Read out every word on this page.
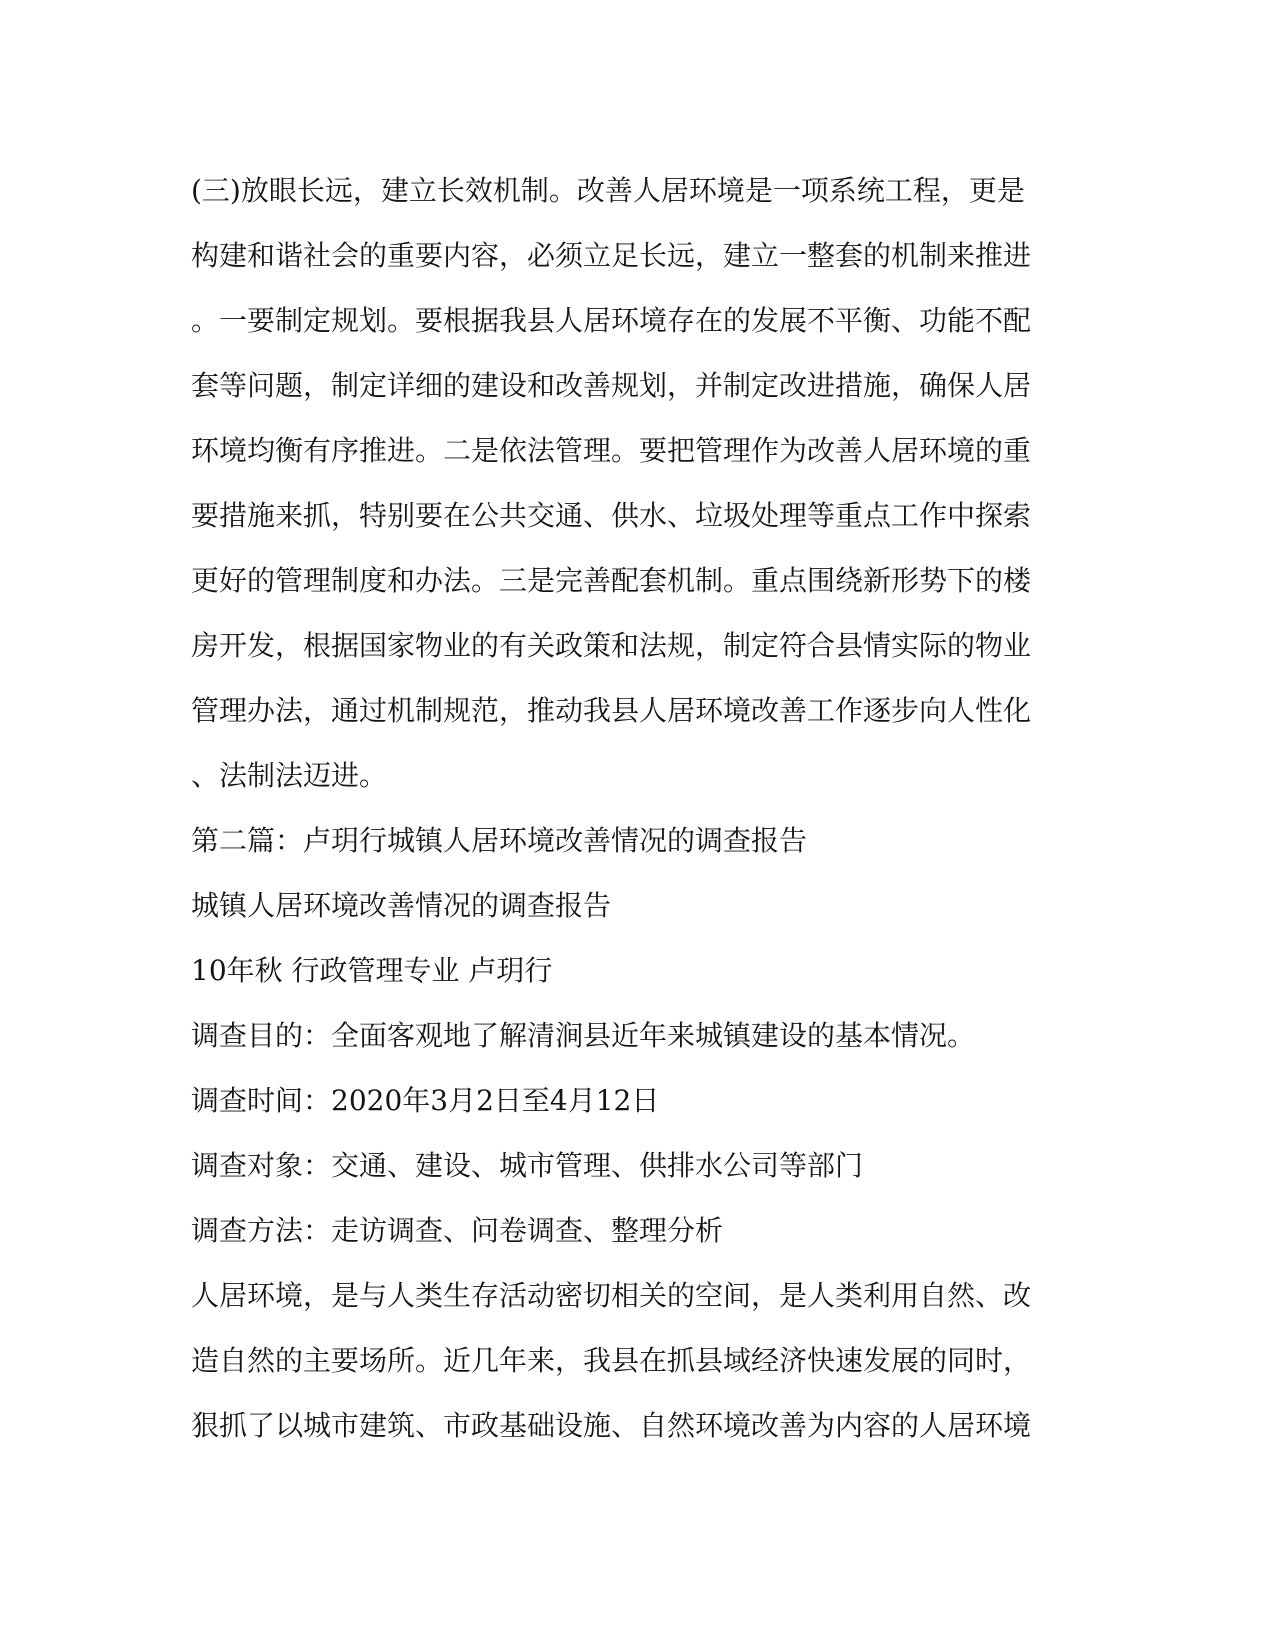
(三)放眼长远，建立长效机制。改善人居环境是一项系统工程，更是
构建和谐社会的重要内容，必须立足长远，建立一整套的机制来推进
。一要制定规划。要根据我县人居环境存在的发展不平衡、功能不配
套等问题，制定详细的建设和改善规划，并制定改进措施，确保人居
环境均衡有序推进。二是依法管理。要把管理作为改善人居环境的重
要措施来抓，特别要在公共交通、供水、垃圾处理等重点工作中探索
更好的管理制度和办法。三是完善配套机制。重点围绕新形势下的楼
房开发，根据国家物业的有关政策和法规，制定符合县情实际的物业
管理办法，通过机制规范，推动我县人居环境改善工作逐步向人性化
、法制法迈进。
第二篇：卢玥行城镇人居环境改善情况的调查报告
城镇人居环境改善情况的调查报告
10年秋 行政管理专业 卢玥行
调查目的：全面客观地了解清涧县近年来城镇建设的基本情况。
调查时间：2020年3月2日至4月12日
调查对象：交通、建设、城市管理、供排水公司等部门
调查方法：走访调查、问卷调查、整理分析
人居环境，是与人类生存活动密切相关的空间，是人类利用自然、改
造自然的主要场所。近几年来，我县在抓县域经济快速发展的同时，
狠抓了以城市建筑、市政基础设施、自然环境改善为内容的人居环境
